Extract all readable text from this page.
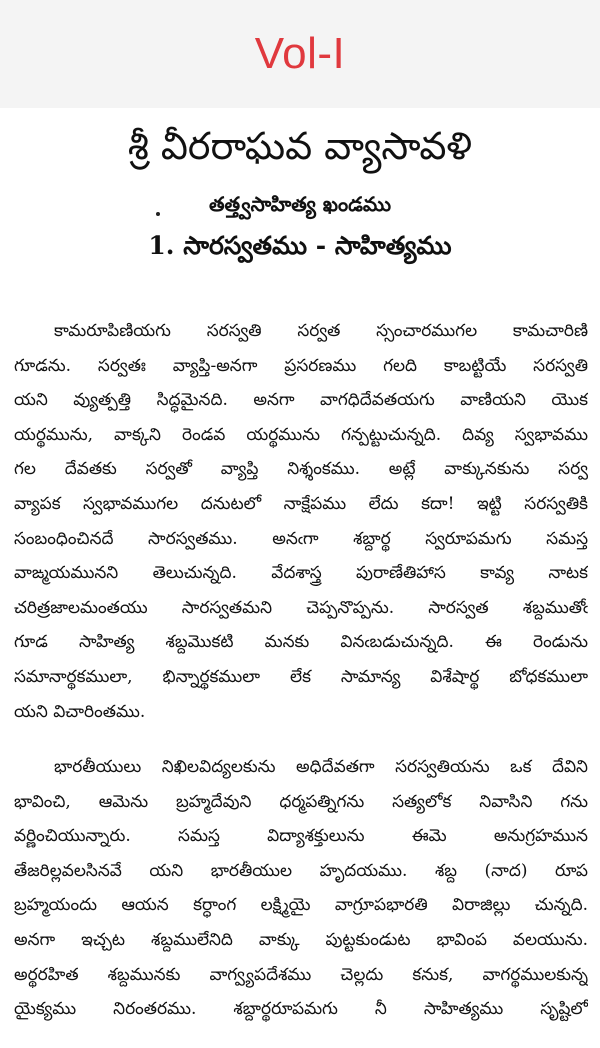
Vol-I
శ్రీ వీరరాఘవ వ్యాసావళి
తత్త్వసాహిత్య ఖండము
1. సారస్వతము - సాహిత్యము

కామరూపిణియగు సరస్వతి సర్వత స్సంచారముగల కామచారిణి
గూడను. సర్వతః వ్యాప్తి-అనగా ప్రసరణము గలది కాబట్టియే సరస్వతి
యని వ్యుత్పత్తి సిద్ధమైనది. అనగా వాగధిదేవతయగు వాణియని యొక
యర్థమును, వాక్కని రెండవ యర్థమును గన్పట్టుచున్నది. దివ్య స్వభావము
గల దేవతకు సర్వతో వ్యాప్తి నిశ్శంకము. అట్లే వాక్కునకును సర్వ
వ్యాపక స్వభావముగల దనుటలో నాక్షేపము లేదు కదా! ఇట్టి సరస్వతికి
సంబంధించినదే సారస్వతము. అనఁగా శబ్దార్థ స్వరూపమగు సమస్త
వాఙ్మయమునని తెలుచున్నది. వేదశాస్త్ర పురాణేతిహాస కావ్య నాటక
చరిత్రజాలమంతయు సారస్వతమని చెప్పనొప్పను. సారస్వత శబ్దముతోఁ
గూడ సాహిత్య శబ్దమొకటి మనకు వినఁబడుచున్నది. ఈ రెండును
సమానార్థకములా, భిన్నార్థకములా లేక సామాన్య విశేషార్థ బోధకములా
యని విచారింతము.

భారతీయులు నిఖిలవిద్యలకును అధిదేవతగా సరస్వతియను ఒక దేవిని
భావించి, ఆమెను బ్రహ్మదేవుని ధర్మపత్నిగను సత్యలోక నివాసిని గను
వర్ణించియున్నారు. సమస్త విద్యాశక్తులును ఈమె అనుగ్రహమున
తేజరిల్లవలసినవే యని భారతీయుల హృదయము. శబ్ద (నాద) రూప
బ్రహ్మయందు ఆయన కర్ధాంగ లక్ష్మియై వాగ్రూపభారతి విరాజిల్లు చున్నది.
అనగా ఇచ్చట శబ్దములేనిది వాక్కు పుట్టకుండుట భావింప వలయును.
అర్థరహిత శబ్దమునకు వాగ్వ్యపదేశము చెల్లదు కనుక, వాగర్థములకున్న
యైక్యము నిరంతరము. శబ్దార్థరూపమగు నీ సాహిత్యము సృష్టిలో
